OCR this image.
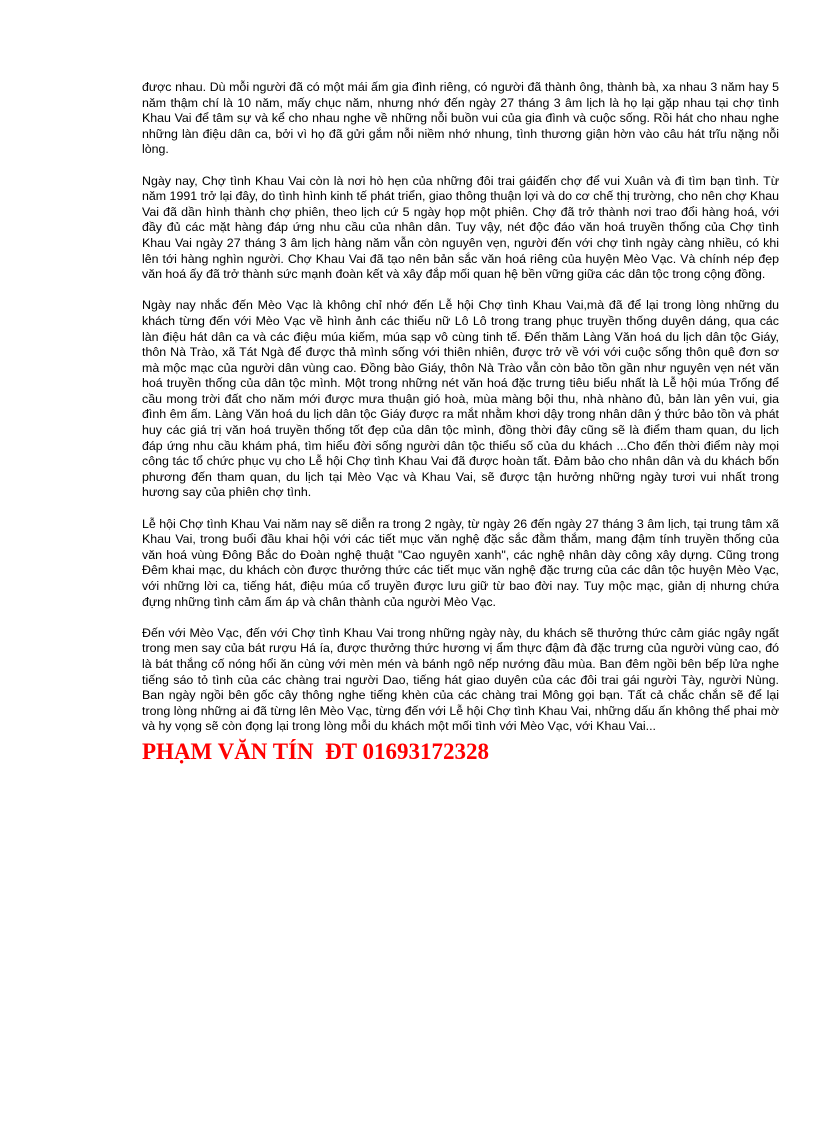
được nhau. Dù mỗi người đã có một mái ấm gia đình riêng, có người đã thành ông, thành bà, xa nhau 3 năm hay 5 năm thậm chí là 10 năm, mấy chục năm, nhưng nhớ đến ngày 27 tháng 3 âm lịch là họ lại gặp nhau tại chợ tình Khau Vai để tâm sự và kể cho nhau nghe về những nỗi buồn vui của gia đình và cuộc sống. Rồi hát cho nhau nghe những làn điệu dân ca, bởi vì họ đã gửi gắm nỗi niềm nhớ nhung, tình thương giận hờn vào câu hát trĩu nặng nỗi lòng.

Ngày nay, Chợ tình Khau Vai còn là nơi hò hẹn của những đôi trai gáiđến chợ để vui Xuân và đi tìm bạn tình. Từ năm 1991 trở lại đây, do tình hình kinh tế phát triển, giao thông thuận lợi và do cơ chế thị trường, cho nên chợ Khau Vai đã dần hình thành chợ phiên, theo lịch cứ 5 ngày họp một phiên. Chợ đã trở thành nơi trao đổi hàng hoá, với đầy đủ các mặt hàng đáp ứng nhu cầu của nhân dân. Tuy vậy, nét độc đáo văn hoá truyền thống của Chợ tình Khau Vai ngày 27 tháng 3 âm lịch hàng năm vẫn còn nguyên vẹn, người đến với chợ tình ngày càng nhiều, có khi lên tới hàng nghìn người. Chợ Khau Vai đã tạo nên bản sắc văn hoá riêng của huyện Mèo Vạc. Và chính nép đẹp văn hoá ấy đã trở thành sức mạnh đoàn kết và xây đắp mối quan hệ bền vững giữa các dân tộc trong cộng đồng.

Ngày nay nhắc đến Mèo Vạc là không chỉ nhớ đến Lễ hội Chợ tình Khau Vai,mà đã để lại trong lòng những du khách từng đến với Mèo Vạc về hình ảnh các thiếu nữ Lô Lô trong trang phục truyền thống duyên dáng, qua các làn điệu hát dân ca và các điệu múa kiếm, múa sạp vô cùng tinh tế. Đến thăm Làng Văn hoá du lịch dân tộc Giáy, thôn Nà Trào, xã Tát Ngà để được thả mình sống với thiên nhiên, được trở về với với cuộc sống thôn quê đơn sơ mà mộc mạc của người dân vùng cao. Đồng bào Giáy, thôn Nà Trào vẫn còn bảo tồn gần như nguyên vẹn nét văn hoá truyền thống của dân tộc mình. Một trong những nét văn hoá đặc trưng tiêu biểu nhất là Lễ hội múa Trống để cầu mong trời đất cho năm mới được mưa thuận gió hoà, mùa màng bội thu, nhà nhàno đủ, bản làn yên vui, gia đình êm ấm. Làng Văn hoá du lịch dân tộc Giáy được ra mắt nhằm khơi dậy trong nhân dân ý thức bảo tồn và phát huy các giá trị văn hoá truyền thống tốt đẹp của dân tộc mình, đồng thời đây cũng sẽ là điểm tham quan, du lịch đáp ứng nhu cầu khám phá, tìm hiểu đời sống người dân tộc thiểu số của du khách ...Cho đến thời điểm này mọi công tác tổ chức phục vụ cho Lễ hội Chợ tình Khau Vai đã được hoàn tất. Đảm bảo cho nhân dân và du khách bốn phương đến tham quan, du lịch tại Mèo Vạc và Khau Vai, sẽ được tận hưởng những ngày tươi vui nhất trong hương say của phiên chợ tình.

Lễ hội Chợ tình Khau Vai năm nay sẽ diễn ra trong 2 ngày, từ ngày 26 đến ngày 27 tháng 3 âm lịch, tại trung tâm xã Khau Vai, trong buổi đầu khai hội với các tiết mục văn nghệ đặc sắc đằm thắm, mang đậm tính truyền thống của văn hoá vùng Đông Bắc do Đoàn nghệ thuật "Cao nguyên xanh", các nghệ nhân dày công xây dựng. Cũng trong Đêm khai mạc, du khách còn được thưởng thức các tiết mục văn nghệ đặc trưng của các dân tộc huyện Mèo Vạc, với những lời ca, tiếng hát, điệu múa cổ truyền được lưu giữ từ bao đời nay. Tuy mộc mạc, giản dị nhưng chứa đựng những tình cảm ấm áp và chân thành của người Mèo Vạc.

Đến với Mèo Vạc, đến với Chợ tình Khau Vai trong những ngày này, du khách sẽ thưởng thức cảm giác ngây ngất trong men say của bát rượu Há ía, được thưởng thức hương vị ẩm thực đậm đà đặc trưng của người vùng cao, đó là bát thắng cố nóng hổi ăn cùng với mèn mén và bánh ngô nếp nướng đầu mùa. Ban đêm ngồi bên bếp lửa nghe tiếng sáo tỏ tình của các chàng trai người Dao, tiếng hát giao duyên của các đôi trai gái người Tày, người Nùng. Ban ngày ngồi bên gốc cây thông nghe tiếng khèn của các chàng trai Mông gọi bạn. Tất cả chắc chắn sẽ để lại trong lòng những ai đã từng lên Mèo Vạc, từng đến với Lễ hội Chợ tình Khau Vai, những dấu ấn không thể phai mờ và hy vọng sẽ còn đọng lại trong lòng mỗi du khách một mối tình với Mèo Vạc, với Khau Vai...

PHẠM VĂN TÍN  ĐT 01693172328
